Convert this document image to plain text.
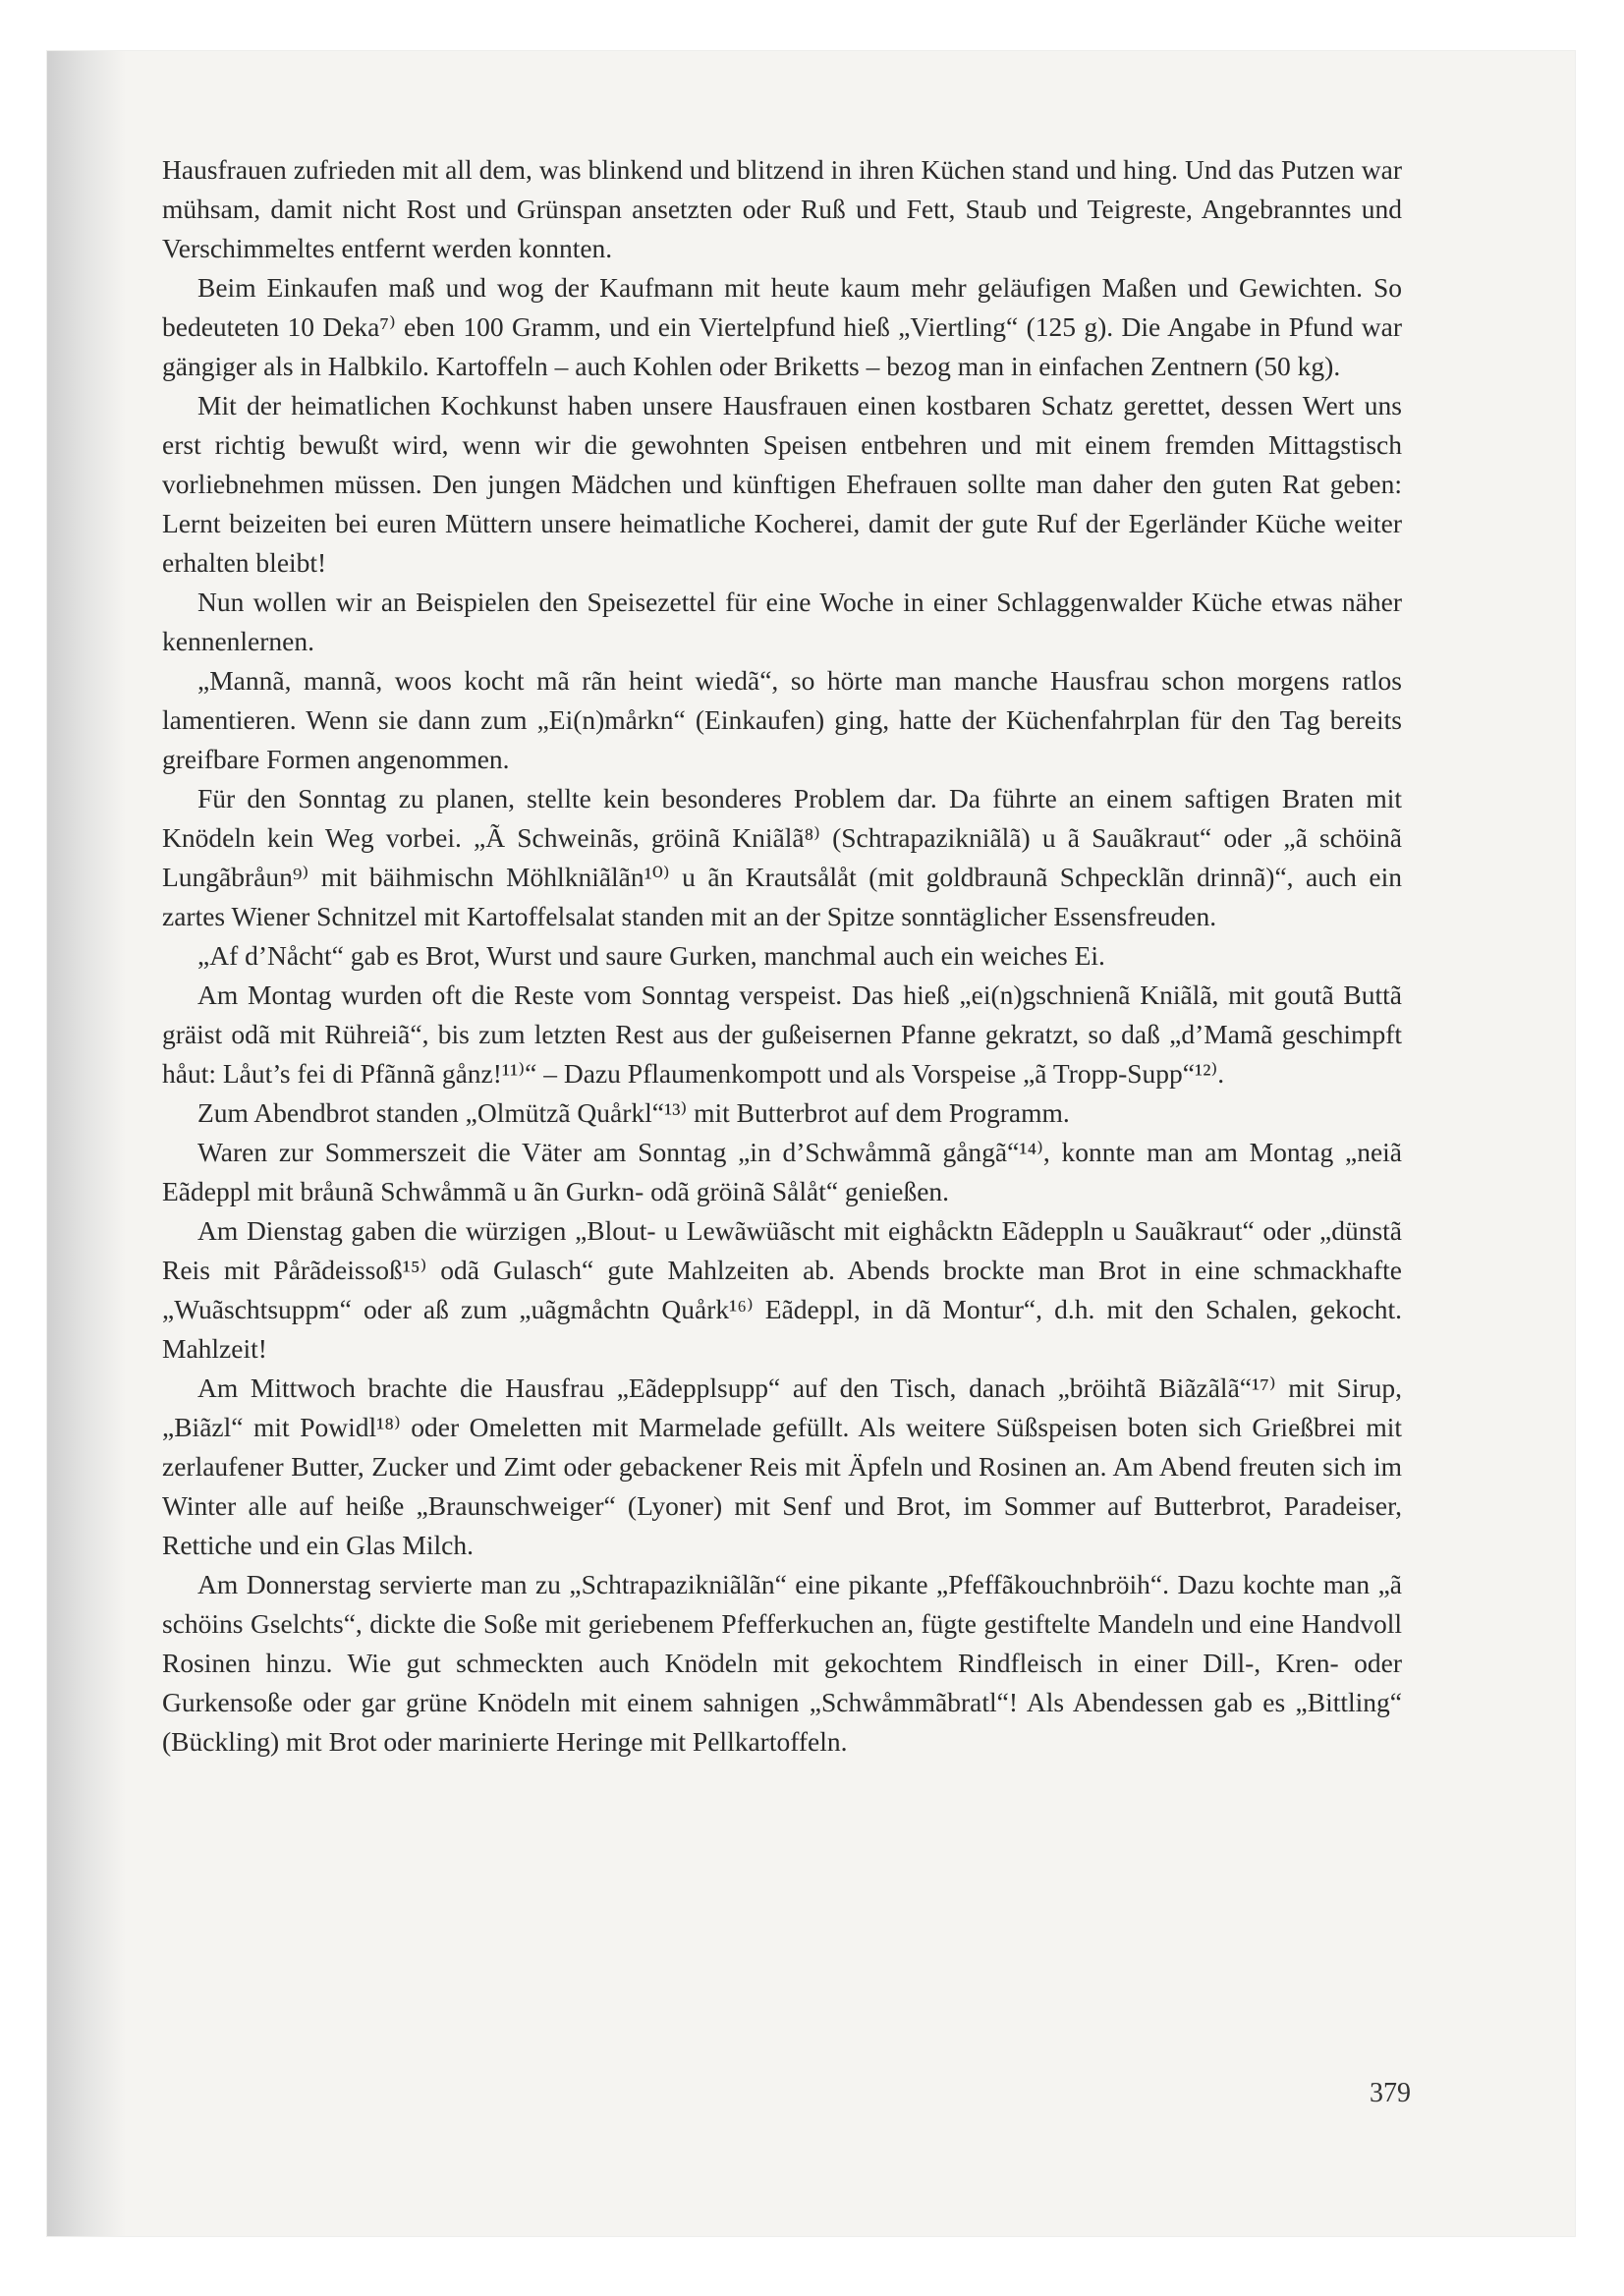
Hausfrauen zufrieden mit all dem, was blinkend und blitzend in ihren Küchen stand und hing. Und das Putzen war mühsam, damit nicht Rost und Grünspan ansetzten oder Ruß und Fett, Staub und Teigreste, Angebranntes und Verschimmeltes entfernt werden konnten.

Beim Einkaufen maß und wog der Kaufmann mit heute kaum mehr geläufigen Maßen und Gewichten. So bedeuteten 10 Deka⁷⁾ eben 100 Gramm, und ein Viertelpfund hieß „Viertling“ (125 g). Die Angabe in Pfund war gängiger als in Halbkilo. Kartoffeln – auch Kohlen oder Briketts – bezog man in einfachen Zentnern (50 kg).

Mit der heimatlichen Kochkunst haben unsere Hausfrauen einen kostbaren Schatz gerettet, dessen Wert uns erst richtig bewußt wird, wenn wir die gewohnten Speisen entbehren und mit einem fremden Mittagstisch vorliebnehmen müssen. Den jungen Mädchen und künftigen Ehefrauen sollte man daher den guten Rat geben: Lernt beizeiten bei euren Müttern unsere heimatliche Kocherei, damit der gute Ruf der Egerländer Küche weiter erhalten bleibt!

Nun wollen wir an Beispielen den Speisezettel für eine Woche in einer Schlaggenwalder Küche etwas näher kennenlernen.

„Mannã, mannã, woos kocht mã rãn heint wiedã“, so hörte man manche Hausfrau schon morgens ratlos lamentieren. Wenn sie dann zum „Ei(n)mårkn“ (Einkaufen) ging, hatte der Küchenfahrplan für den Tag bereits greifbare Formen angenommen.

Für den Sonntag zu planen, stellte kein besonderes Problem dar. Da führte an einem saftigen Braten mit Knödeln kein Weg vorbei. „Ã Schweinãs, gröinã Kniãlã⁸⁾ (Schtrapazikniãlã) u ã Sauãkraut“ oder „ã schöinã Lungãbråun⁹⁾ mit bäihmischn Möhlkniãlãn¹⁰⁾ u ãn Krautsålåt (mit goldbraunã Schpecklãn drinnã)“, auch ein zartes Wiener Schnitzel mit Kartoffelsalat standen mit an der Spitze sonntäglicher Essensfreuden.

„Af d’Nåcht“ gab es Brot, Wurst und saure Gurken, manchmal auch ein weiches Ei.

Am Montag wurden oft die Reste vom Sonntag verspeist. Das hieß „ei(n)gschnienã Kniãlã, mit goutã Buttã gräist odã mit Rühreiã“, bis zum letzten Rest aus der gußeisernen Pfanne gekratzt, so daß „d’Mamã geschimpft håut: Låut’s fei di Pfãnnã gånz!¹¹⁾“ – Dazu Pflaumenkompott und als Vorspeise „ã Tropp-Supp“¹²⁾.

Zum Abendbrot standen „Olmützã Quårkl“¹³⁾ mit Butterbrot auf dem Programm.

Waren zur Sommerszeit die Väter am Sonntag „in d’Schwåmmã gångã“¹⁴⁾, konnte man am Montag „neiã Eãdeppl mit bråunã Schwåmmã u ãn Gurkn- odã gröinã Sålåt“ genießen.

Am Dienstag gaben die würzigen „Blout- u Lewãwüãscht mit eighåcktn Eãdeppln u Sauãkraut“ oder „dünstã Reis mit Pårãdeissoß¹⁵⁾ odã Gulasch“ gute Mahlzeiten ab. Abends brockte man Brot in eine schmackhafte „Wuãschtsuppm“ oder aß zum „uãgmåchtn Quårk¹⁶⁾ Eãdeppl, in dã Montur“, d.h. mit den Schalen, gekocht. Mahlzeit!

Am Mittwoch brachte die Hausfrau „Eãdepplsupp“ auf den Tisch, danach „bröihtã Biãzãlã“¹⁷⁾ mit Sirup, „Biãzl“ mit Powidl¹⁸⁾ oder Omeletten mit Marmelade gefüllt. Als weitere Süßspeisen boten sich Grießbrei mit zerlaufener Butter, Zucker und Zimt oder gebackener Reis mit Äpfeln und Rosinen an. Am Abend freuten sich im Winter alle auf heiße „Braunschweiger“ (Lyoner) mit Senf und Brot, im Sommer auf Butterbrot, Paradeiser, Rettiche und ein Glas Milch.

Am Donnerstag servierte man zu „Schtrapazikniãlãn“ eine pikante „Pfeffãkouchnbröih“. Dazu kochte man „ã schöins Gselchts“, dickte die Soße mit geriebenem Pfefferkuchen an, fügte gestiftelte Mandeln und eine Handvoll Rosinen hinzu. Wie gut schmeckten auch Knödeln mit gekochtem Rindfleisch in einer Dill-, Kren- oder Gurkensoße oder gar grüne Knödeln mit einem sahnigen „Schwåmmãbratl“! Als Abendessen gab es „Bittling“ (Bückling) mit Brot oder marinierte Heringe mit Pellkartoffeln.

379
